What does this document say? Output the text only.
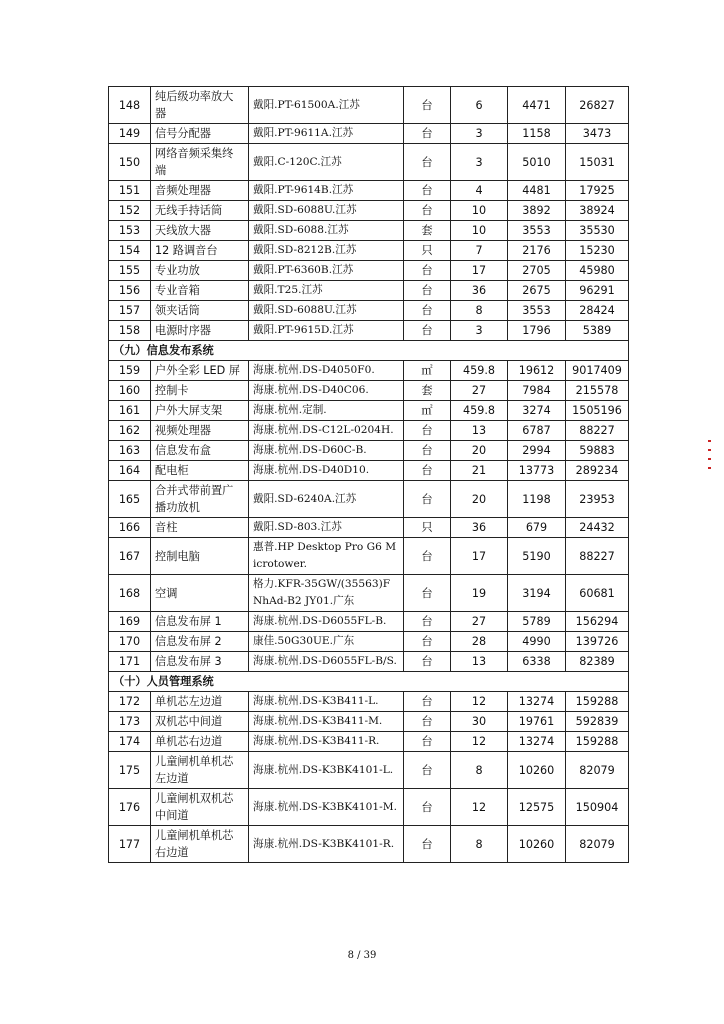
148	纯后级功率放大器	戴阳.PT-61500A.江苏	台	6	4471	26827
149	信号分配器	戴阳.PT-9611A.江苏	台	3	1158	3473
150	网络音频采集终端	戴阳.C-120C.江苏	台	3	5010	15031
151	音频处理器	戴阳.PT-9614B.江苏	台	4	4481	17925
152	无线手持话筒	戴阳.SD-6088U.江苏	台	10	3892	38924
153	天线放大器	戴阳.SD-6088.江苏	套	10	3553	35530
154	12 路调音台	戴阳.SD-8212B.江苏	只	7	2176	15230
155	专业功放	戴阳.PT-6360B.江苏	台	17	2705	45980
156	专业音箱	戴阳.T25.江苏	台	36	2675	96291
157	领夹话筒	戴阳.SD-6088U.江苏	台	8	3553	28424
158	电源时序器	戴阳.PT-9615D.江苏	台	3	1796	5389
（九）信息发布系统						
159	户外全彩 LED 屏	海康.杭州.DS-D4050F0.	㎡	459.8	19612	9017409
160	控制卡	海康.杭州.DS-D40C06.	套	27	7984	215578
161	户外大屏支架	海康.杭州.定制.	㎡	459.8	3274	1505196
162	视频处理器	海康.杭州.DS-C12L-0204H.	台	13	6787	88227
163	信息发布盒	海康.杭州.DS-D60C-B.	台	20	2994	59883
164	配电柜	海康.杭州.DS-D40D10.	台	21	13773	289234
165	合并式带前置广播功放机	戴阳.SD-6240A.江苏	台	20	1198	23953
166	音柱	戴阳.SD-803.江苏	只	36	679	24432
167	控制电脑	惠普.HP Desktop Pro G6 Microtower.	台	17	5190	88227
168	空调	格力.KFR-35GW/(35563)FNhAd-B2 JY01.广东	台	19	3194	60681
169	信息发布屏 1	海康.杭州.DS-D6055FL-B.	台	27	5789	156294
170	信息发布屏 2	康佳.50G30UE.广东	台	28	4990	139726
171	信息发布屏 3	海康.杭州.DS-D6055FL-B/S.	台	13	6338	82389
（十）人员管理系统						
172	单机芯左边道	海康.杭州.DS-K3B411-L.	台	12	13274	159288
173	双机芯中间道	海康.杭州.DS-K3B411-M.	台	30	19761	592839
174	单机芯右边道	海康.杭州.DS-K3B411-R.	台	12	13274	159288
175	儿童闸机单机芯左边道	海康.杭州.DS-K3BK4101-L.	台	8	10260	82079
176	儿童闸机双机芯中间道	海康.杭州.DS-K3BK4101-M.	台	12	12575	150904
177	儿童闸机单机芯右边道	海康.杭州.DS-K3BK4101-R.	台	8	10260	82079
8 / 39
